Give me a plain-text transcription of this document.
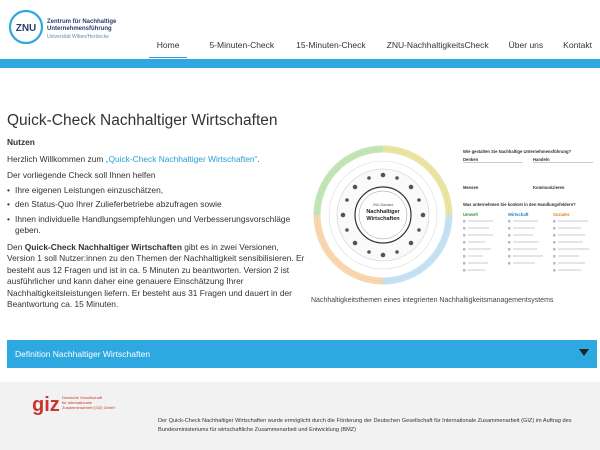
ZNU
Zentrum für Nachhaltige
Unternehmensführung
Universität Witten/Herdecke
Home	5-Minuten-Check	15-Minuten-Check	ZNU-NachhaltigkeitsCheck	Über uns	Kontakt
Quick-Check Nachhaltiger Wirtschaften
Nutzen

Herzlich Willkommen zum „Quick-Check Nachhaltiger Wirtschaften“.

Der vorliegende Check soll Ihnen helfen

• Ihre eigenen Leistungen einzuschätzen,
• den Status-Quo Ihrer Zulieferbetriebe abzufragen sowie
• Ihnen individuelle Handlungsempfehlungen und Verbesserungsvorschläge geben.

Den Quick-Check Nachhaltiger Wirtschaften gibt es in zwei Versionen, Version 1 soll Nutzer:innen zu den Themen der Nachhaltigkeit sensibilisieren. Er besteht aus 12 Fragen und ist in ca. 5 Minuten zu beantworten. Version 2 ist ausführlicher und kann daher eine genauere Einschätzung Ihrer Nachhaltigkeitsleistungen liefern. Er besteht aus 31 Fragen und dauert in der Beantwortung ca. 15 Minuten.

ZNU-Standard
Nachhaltiger
Wirtschaften
Wie gestalten Sie Nachhaltige Unternehmensführung?
Denken	Handeln
Messen	Kommunizieren
Was unternehmen Sie konkret in den Handlungsfeldern?
Umwelt	Wirtschaft	Soziales
Nachhaltigkeitsthemen eines integrierten Nachhaltigkeitsmanagementsystems
Definition Nachhaltiger Wirtschaften
giz Deutsche Gesellschaft
für Internationale
Zusammenarbeit (GIZ) GmbH
Der Quick-Check Nachhaltiger Wirtschaften wurde ermöglicht durch die Förderung der Deutschen Gesellschaft für Internationale Zusammenarbeit (GIZ) im Auftrag des Bundesministeriums für wirtschaftliche Zusammenarbeit und Entwicklung (BMZ)
